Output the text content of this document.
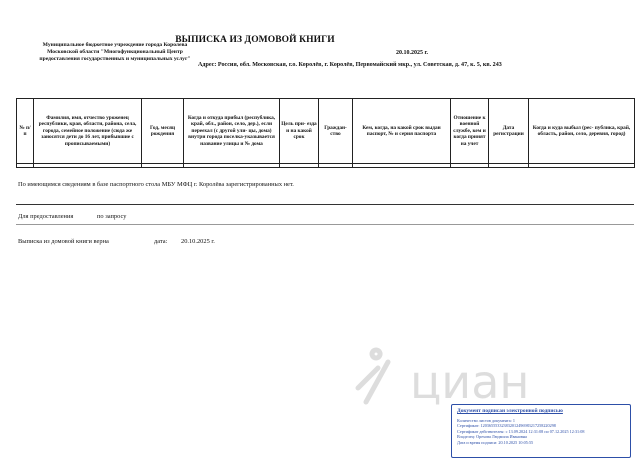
Муниципальное бюджетное учреждение города Королева Московской области "Многофункциональный Центр предоставления государственных и муниципальных услуг"
ВЫПИСКА ИЗ ДОМОВОЙ КНИГИ
20.10.2025 г.
Адрес: Россия, обл. Московская, г.о. Королёв, г. Королёв, Первомайский мкр., ул. Советская, д. 47, к. 5, кв. 243
№ п/п	Фамилия, имя, отчество уроженец республики, края, области, района, села, города, семейное положение (сюда же заносятся дети до 16 лет, прибывшие с прописываемыми)	Год, месяц рождения	Когда и откуда прибыл (республика, край, обл., район, село, дер.), если переехал (с другой ули- цы, дома) внутри города поселка-указывается название улицы и № дома	Цель при- езда и на какой срок	Граждан- ство	Кем, когда, на какой срок выдан паспорт, № и серия паспорта	Отношение к военной службе, кем и когда принят на учет	Дата регистрации	Когда и куда выбыл (рес- публика, край, область, район, село, деревня, город)

По имеющимся сведениям в базе паспортного стола МБУ МФЦ г. Королёва зарегистрированных нет.
Для предоставления	по запросу
Выписка из домовой книги верна	дата: 20.10.2025 г.
циан
Документ подписан электронной подписью
Количество листов документа: 1
Сертификат: 120365553323832012496983217258220298
Сертификат действителен: с 13.09.2024 12:31:08 по 07.12.2025 12:31:08
Владелец: Орехова Людмила Ивановна
Дата и время подписи: 20.10.2025 10:05:55
